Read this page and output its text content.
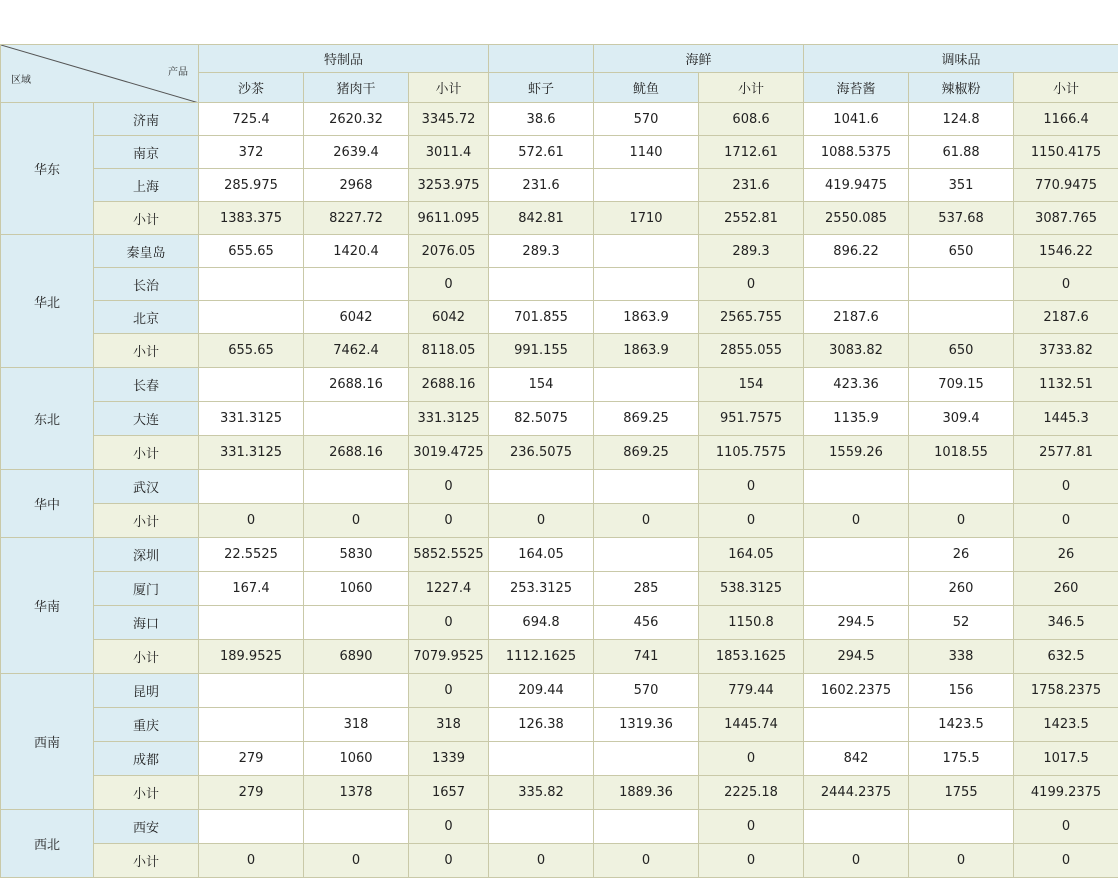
产品
区域		特制品				海鲜		调味品		
		沙茶	猪肉干	小计	虾子	鱿鱼	小计	海苔酱	辣椒粉	小计
华东	济南	725.4	2620.32	3345.72	38.6	570	608.6	1041.6	124.8	1166.4
	南京	372	2639.4	3011.4	572.61	1140	1712.61	1088.5375	61.88	1150.4175
	上海	285.975	2968	3253.975	231.6		231.6	419.9475	351	770.9475
	小计	1383.375	8227.72	9611.095	842.81	1710	2552.81	2550.085	537.68	3087.765
华北	秦皇岛	655.65	1420.4	2076.05	289.3		289.3	896.22	650	1546.22
	长治			0			0			0
	北京		6042	6042	701.855	1863.9	2565.755	2187.6		2187.6
	小计	655.65	7462.4	8118.05	991.155	1863.9	2855.055	3083.82	650	3733.82
东北	长春		2688.16	2688.16	154		154	423.36	709.15	1132.51
	大连	331.3125		331.3125	82.5075	869.25	951.7575	1135.9	309.4	1445.3
	小计	331.3125	2688.16	3019.4725	236.5075	869.25	1105.7575	1559.26	1018.55	2577.81
华中	武汉			0			0			0
	小计	0	0	0	0	0	0	0	0	0
华南	深圳	22.5525	5830	5852.5525	164.05		164.05		26	26
	厦门	167.4	1060	1227.4	253.3125	285	538.3125		260	260
	海口			0	694.8	456	1150.8	294.5	52	346.5
	小计	189.9525	6890	7079.9525	1112.1625	741	1853.1625	294.5	338	632.5
西南	昆明			0	209.44	570	779.44	1602.2375	156	1758.2375
	重庆		318	318	126.38	1319.36	1445.74		1423.5	1423.5
	成都	279	1060	1339			0	842	175.5	1017.5
	小计	279	1378	1657	335.82	1889.36	2225.18	2444.2375	1755	4199.2375
西北	西安			0			0			0
	小计	0	0	0	0	0	0	0	0	0
